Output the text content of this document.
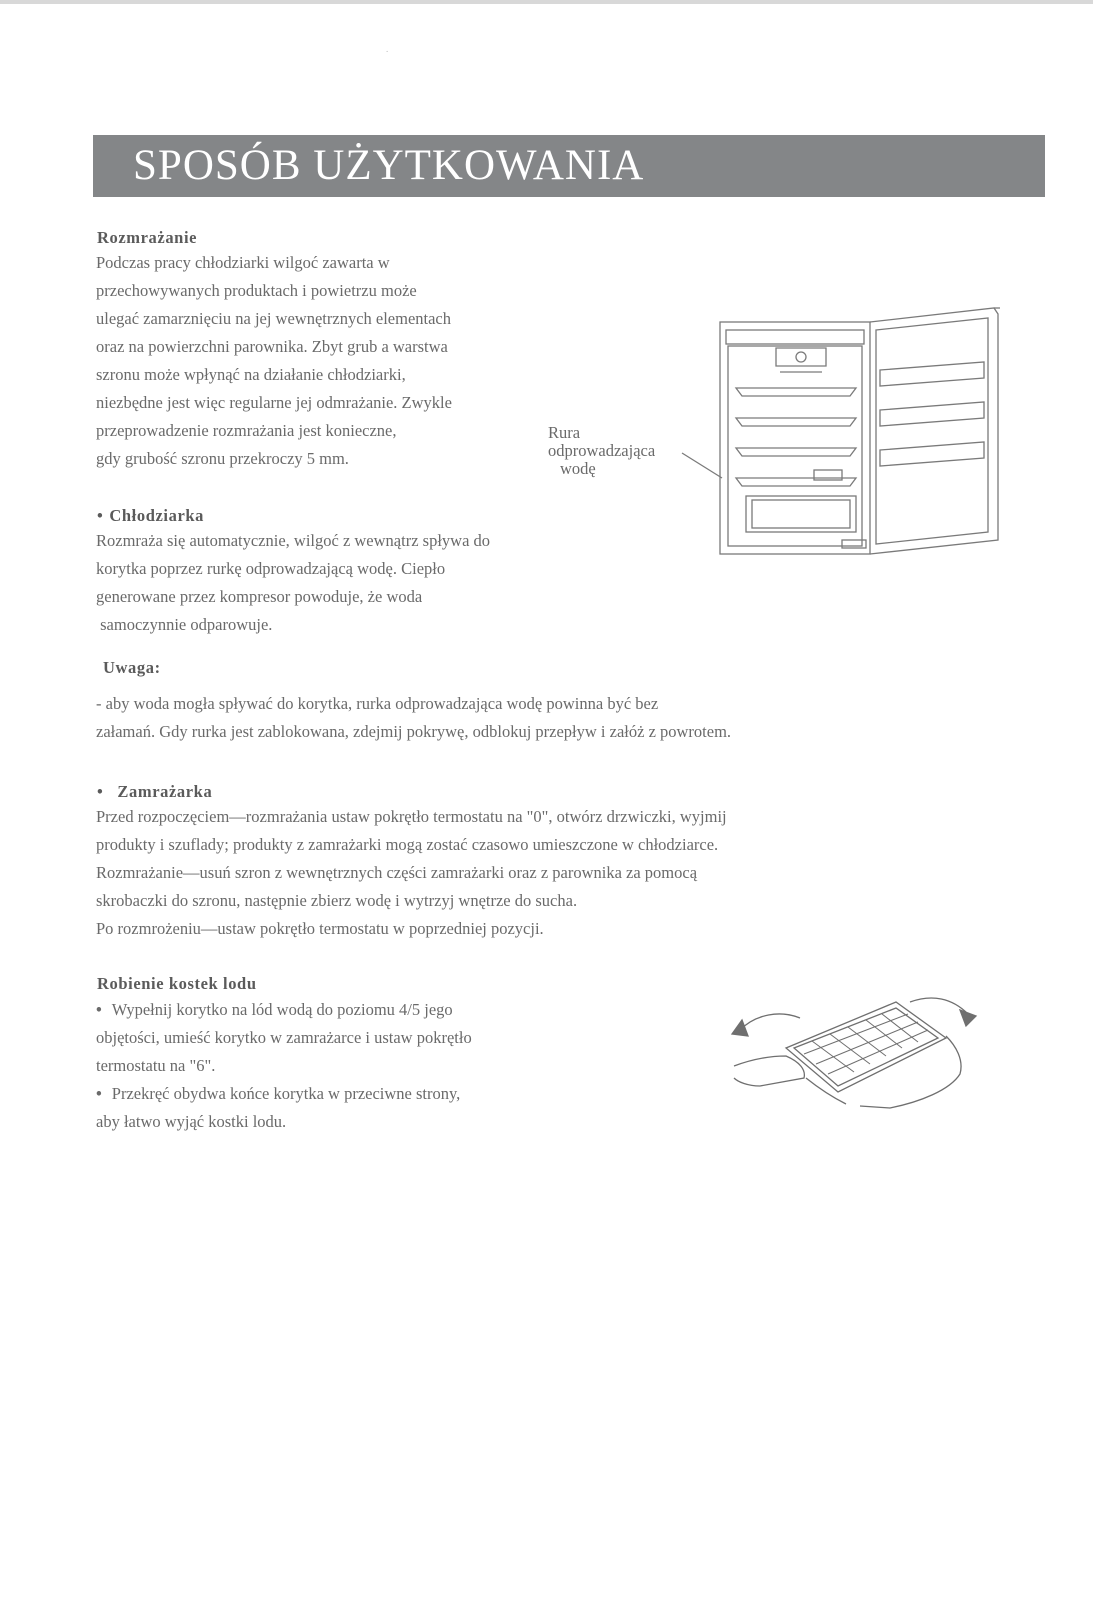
.
SPOSÓB UŻYTKOWANIA
Rozmrażanie
Podczas pracy chłodziarki wilgoć zawarta w
przechowywanych produktach i powietrzu może
ulegać zamarznięciu na jej wewnętrznych elementach
oraz na powierzchni parownika. Zbyt grub a warstwa
szronu może wpłynąć na działanie chłodziarki,
niezbędne jest więc regularne jej odmrażanie. Zwykle
przeprowadzenie rozmrażania jest konieczne,
gdy grubość szronu przekroczy 5 mm.
Rura
odprowadzająca
wodę
• Chłodziarka
Rozmraża się automatycznie, wilgoć z wewnątrz spływa do
korytka poprzez rurkę odprowadzającą wodę. Ciepło
generowane przez kompresor powoduje, że woda
samoczynnie odparowuje.
Uwaga:
- aby woda mogła spływać do korytka, rurka odprowadzająca wodę powinna być bez
załamań. Gdy rurka jest zablokowana, zdejmij pokrywę, odblokuj przepływ i załóż z powrotem.
• Zamrażarka
Przed rozpoczęciem—rozmrażania ustaw pokrętło termostatu na "0", otwórz drzwiczki, wyjmij
produkty i szuflady; produkty z zamrażarki mogą zostać czasowo umieszczone w chłodziarce.
Rozmrażanie—usuń szron z wewnętrznych części zamrażarki oraz z parownika za pomocą
skrobaczki do szronu, następnie zbierz wodę i wytrzyj wnętrze do sucha.
Po rozmrożeniu—ustaw pokrętło termostatu w poprzedniej pozycji.
Robienie kostek lodu
• Wypełnij korytko na lód wodą do poziomu 4/5 jego
objętości, umieść korytko w zamrażarce i ustaw pokrętło
termostatu na "6".
• Przekręć obydwa końce korytka w przeciwne strony,
aby łatwo wyjąć kostki lodu.
